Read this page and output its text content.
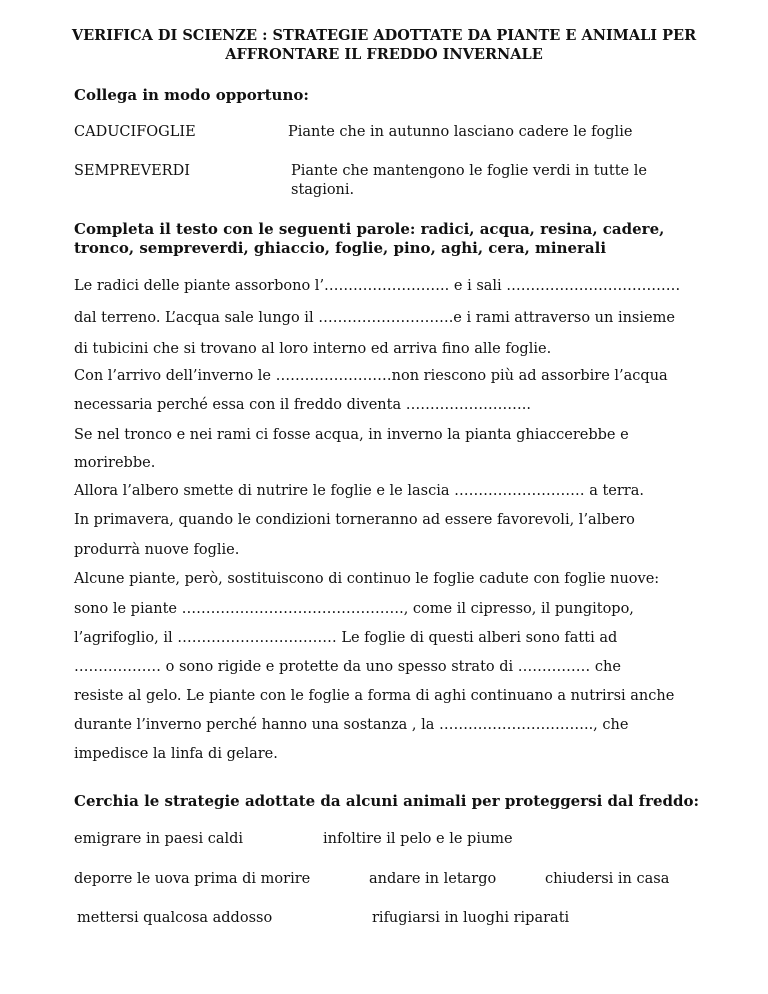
VERIFICA DI SCIENZE : STRATEGIE ADOTTATE DA PIANTE E ANIMALI PER
AFFRONTARE IL FREDDO INVERNALE
Collega in modo opportuno:
CADUCIFOGLIE	Piante che in autunno lasciano cadere le foglie
SEMPREVERDI	Piante che mantengono le foglie verdi in tutte le
stagioni.
Completa il testo con le seguenti parole: radici, acqua, resina, cadere,
tronco, sempreverdi, ghiaccio, foglie, pino, aghi, cera, minerali
Le radici delle piante assorbono l’…………………….. e i sali ………………………………
dal terreno. L’acqua sale lungo il ……………………….e i rami attraverso un insieme
di tubicini che si trovano al loro interno ed arriva fino alle foglie.
Con l’arrivo dell’inverno le ……………………non riescono più ad assorbire l’acqua
necessaria perché essa con il freddo diventa ……………………..
Se nel tronco e nei rami ci fosse acqua, in inverno la pianta ghiaccerebbe e
morirebbe.
Allora l’albero smette di nutrire le foglie e le lascia ……………………… a terra.
In primavera, quando le condizioni torneranno ad essere favorevoli, l’albero
produrrà nuove foglie.
Alcune piante, però, sostituiscono di continuo le foglie cadute con foglie nuove:
sono le piante ………………………………………., come il cipresso, il pungitopo,
l’agrifoglio, il …………………………… Le foglie di questi alberi sono fatti ad
……………… o sono rigide e protette da uno spesso strato di …………… che
resiste al gelo. Le piante con le foglie a forma di aghi continuano a nutrirsi anche
durante l’inverno perché hanno una sostanza , la ………………………….., che
impedisce la linfa di gelare.
Cerchia le strategie adottate da alcuni animali per proteggersi dal freddo:
emigrare in paesi caldi	infoltire il pelo e le piume
deporre le uova prima di morire	andare in letargo	chiudersi in casa
mettersi qualcosa addosso	rifugiarsi in luoghi riparati
